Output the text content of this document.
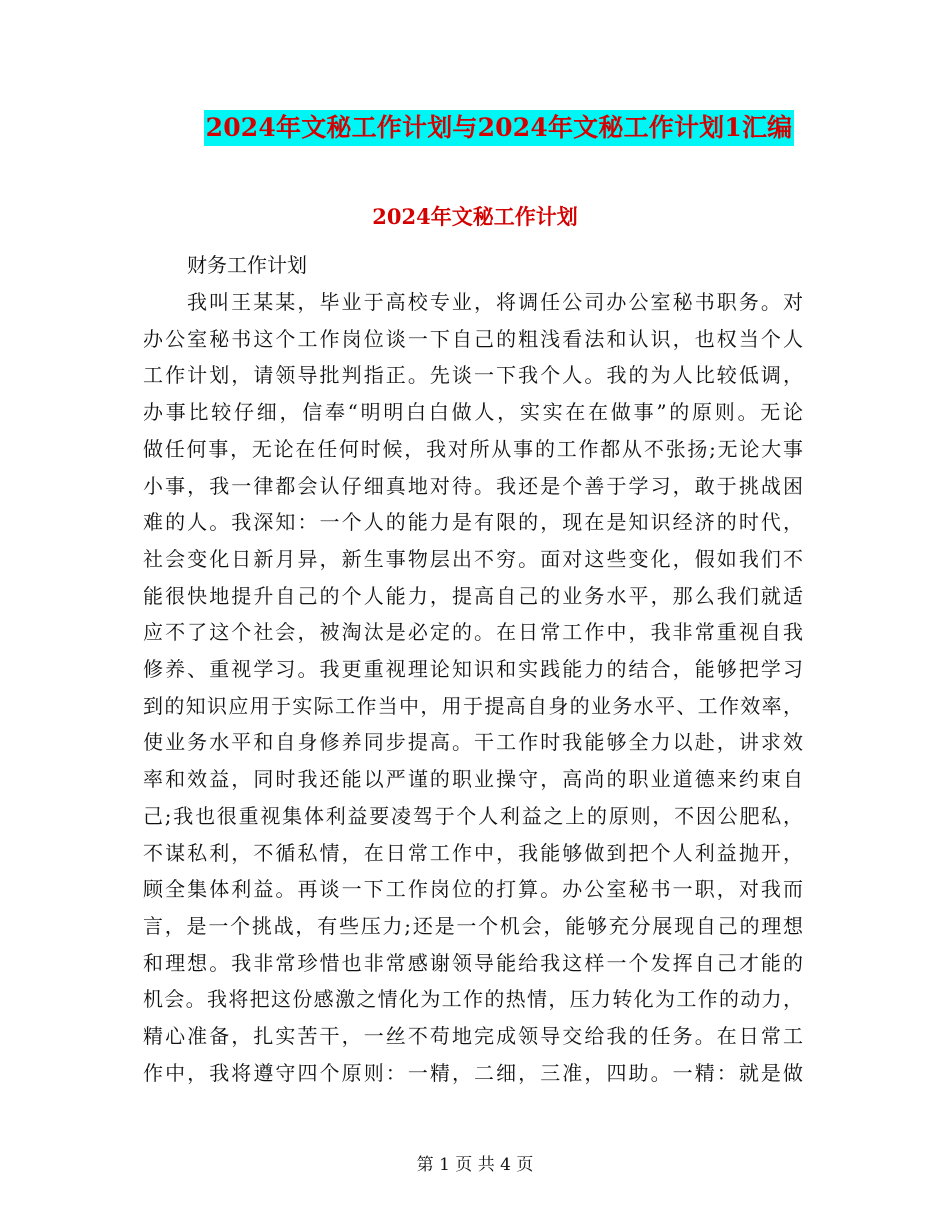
2024年文秘工作计划与2024年文秘工作计划1汇编
2024年文秘工作计划
财务工作计划
我叫王某某，毕业于高校专业，将调任公司办公室秘书职务。对
办公室秘书这个工作岗位谈一下自己的粗浅看法和认识，也权当个人
工作计划，请领导批判指正。先谈一下我个人。我的为人比较低调，
办事比较仔细，信奉“明明白白做人，实实在在做事”的原则。无论
做任何事，无论在任何时候，我对所从事的工作都从不张扬;无论大事
小事，我一律都会认仔细真地对待。我还是个善于学习，敢于挑战困
难的人。我深知：一个人的能力是有限的，现在是知识经济的时代，
社会变化日新月异，新生事物层出不穷。面对这些变化，假如我们不
能很快地提升自己的个人能力，提高自己的业务水平，那么我们就适
应不了这个社会，被淘汰是必定的。在日常工作中，我非常重视自我
修养、重视学习。我更重视理论知识和实践能力的结合，能够把学习
到的知识应用于实际工作当中，用于提高自身的业务水平、工作效率，
使业务水平和自身修养同步提高。干工作时我能够全力以赴，讲求效
率和效益，同时我还能以严谨的职业操守，高尚的职业道德来约束自
己;我也很重视集体利益要凌驾于个人利益之上的原则，不因公肥私，
不谋私利，不循私情，在日常工作中，我能够做到把个人利益抛开，
顾全集体利益。再谈一下工作岗位的打算。办公室秘书一职，对我而
言，是一个挑战，有些压力;还是一个机会，能够充分展现自己的理想
和理想。我非常珍惜也非常感谢领导能给我这样一个发挥自己才能的
机会。我将把这份感激之情化为工作的热情，压力转化为工作的动力，
精心准备，扎实苦干，一丝不苟地完成领导交给我的任务。在日常工
作中，我将遵守四个原则：一精，二细，三准，四助。一精：就是做
第 1 页 共 4 页
